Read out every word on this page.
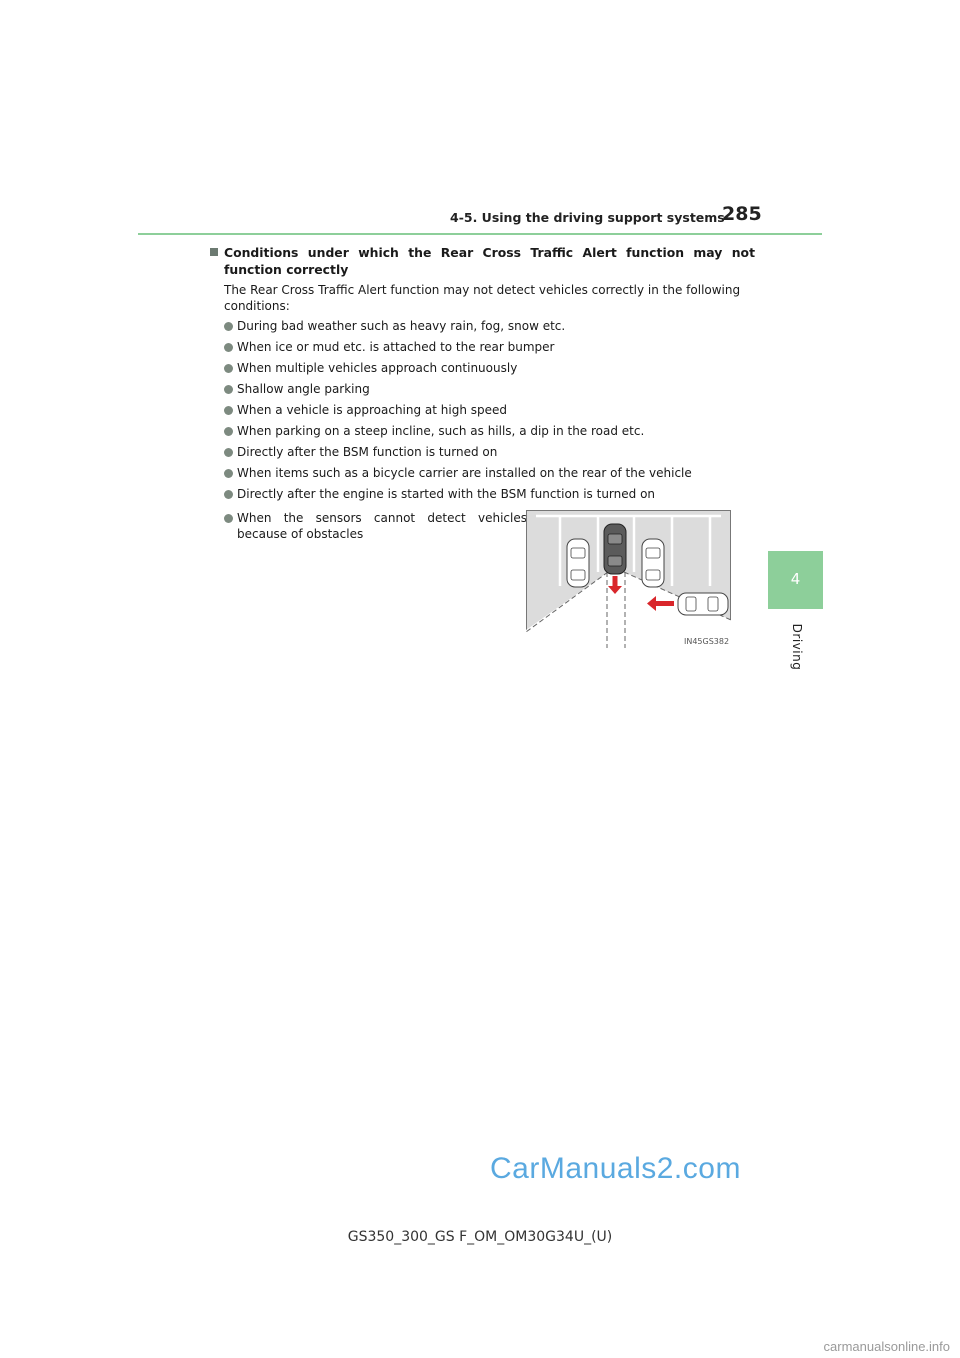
4-5. Using the driving support systems
285
4
Driving
Conditions under which the Rear Cross Traffic Alert function may not function correctly
The Rear Cross Traffic Alert function may not detect vehicles correctly in the following conditions:
During bad weather such as heavy rain, fog, snow etc.
When ice or mud etc. is attached to the rear bumper
When multiple vehicles approach continuously
Shallow angle parking
When a vehicle is approaching at high speed
When parking on a steep incline, such as hills, a dip in the road etc.
Directly after the BSM function is turned on
When items such as a bicycle carrier are installed on the rear of the vehicle
Directly after the engine is started with the BSM function is turned on
When the sensors cannot detect vehicles because of obstacles
IN45GS382
GS350_300_GS F_OM_OM30G34U_(U)
CarManuals2.com
carmanualsonline.info
